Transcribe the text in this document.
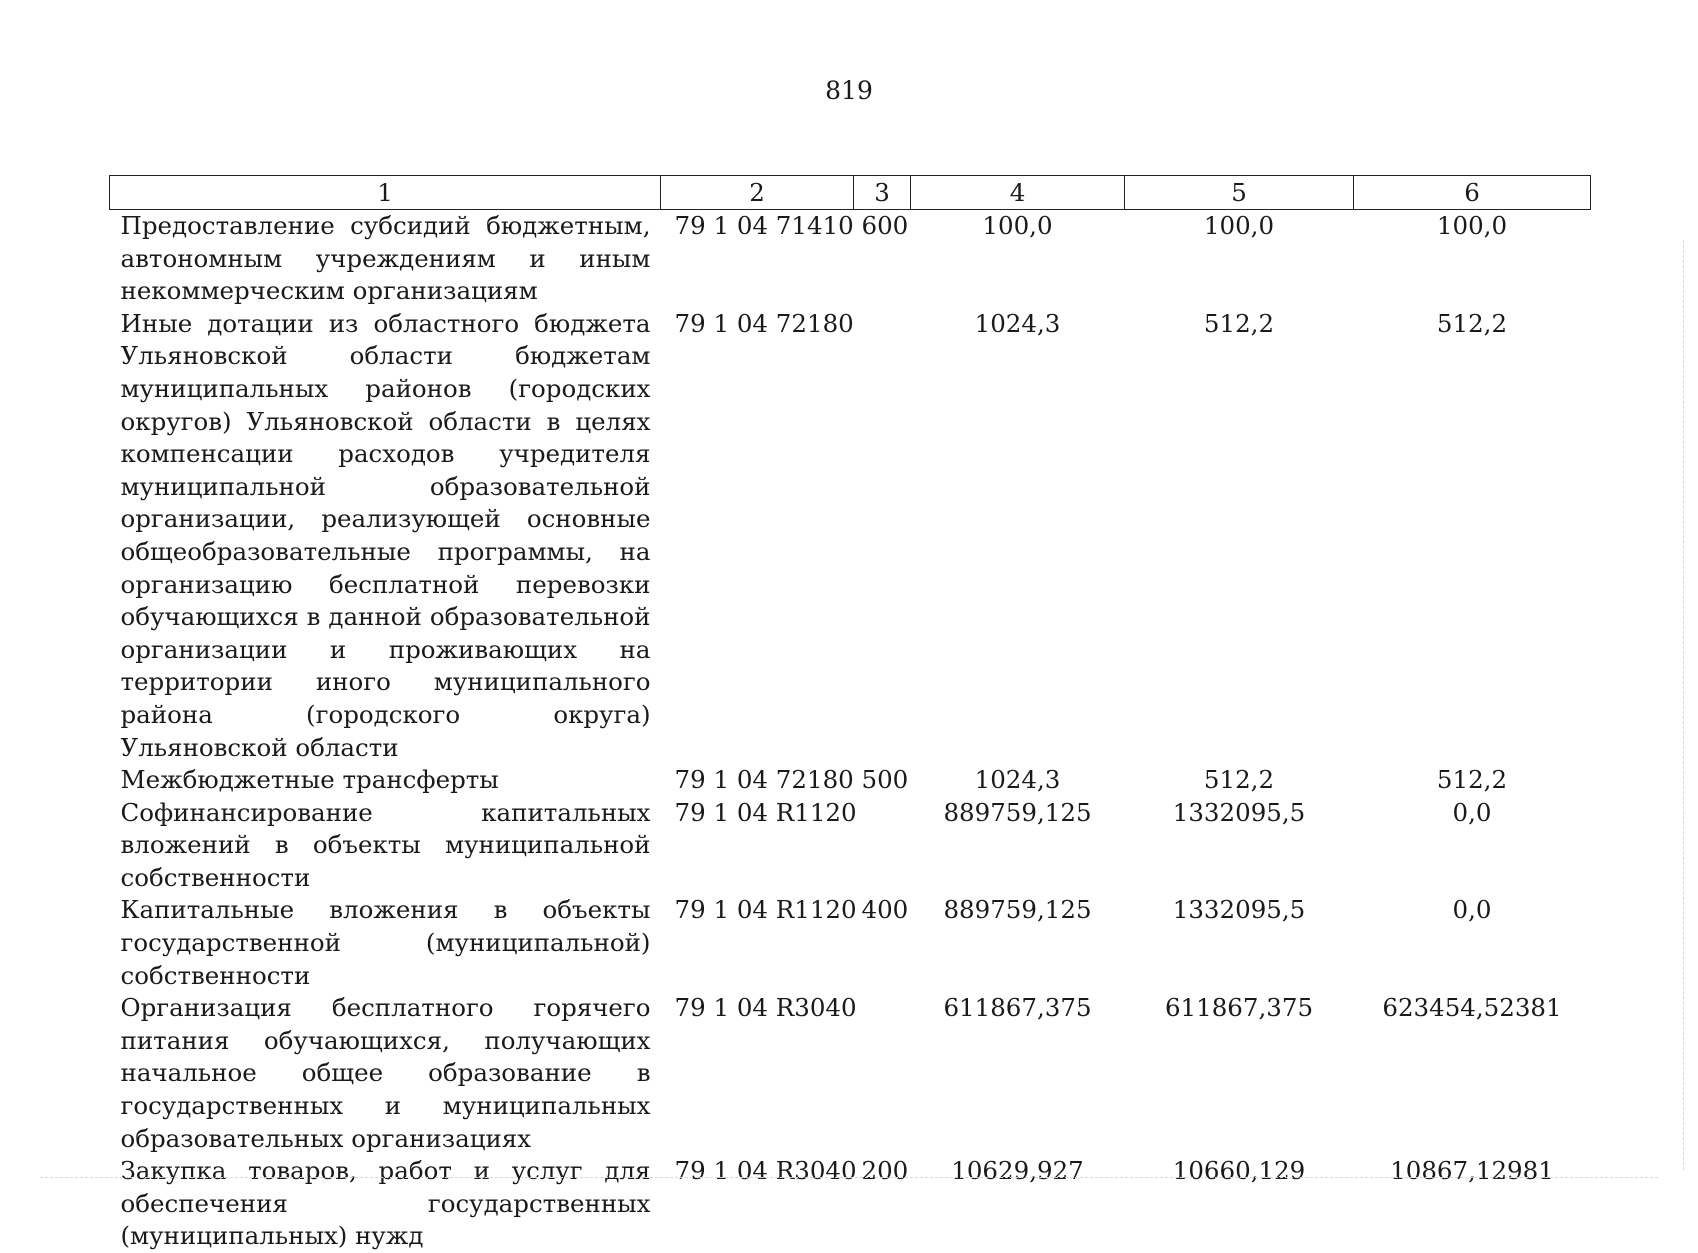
819
1	2	3	4	5	6
Предоставление субсидий бюджетным, автономным учреждениям и иным некоммерческим организациям	79 1 04 71410	600	100,0	100,0	100,0
Иные дотации из областного бюджета Ульяновской области бюджетам муниципальных районов (городских округов) Ульяновской области в целях компенсации расходов учредителя муниципальной образовательной организации, реализующей основные общеобразовательные программы, на организацию бесплатной перевозки обучающихся в данной образовательной организации и проживающих на территории иного муниципального района (городского округа) Ульяновской области	79 1 04 72180		1024,3	512,2	512,2
Межбюджетные трансферты	79 1 04 72180	500	1024,3	512,2	512,2
Софинансирование капитальных вложений в объекты муниципальной собственности	79 1 04 R1120		889759,125	1332095,5	0,0
Капитальные вложения в объекты государственной (муниципальной) собственности	79 1 04 R1120	400	889759,125	1332095,5	0,0
Организация бесплатного горячего питания обучающихся, получающих начальное общее образование в государственных и муниципальных образовательных организациях	79 1 04 R3040		611867,375	611867,375	623454,52381
Закупка товаров, работ и услуг для обеспечения государственных (муниципальных) нужд	79 1 04 R3040	200	10629,927	10660,129	10867,12981
